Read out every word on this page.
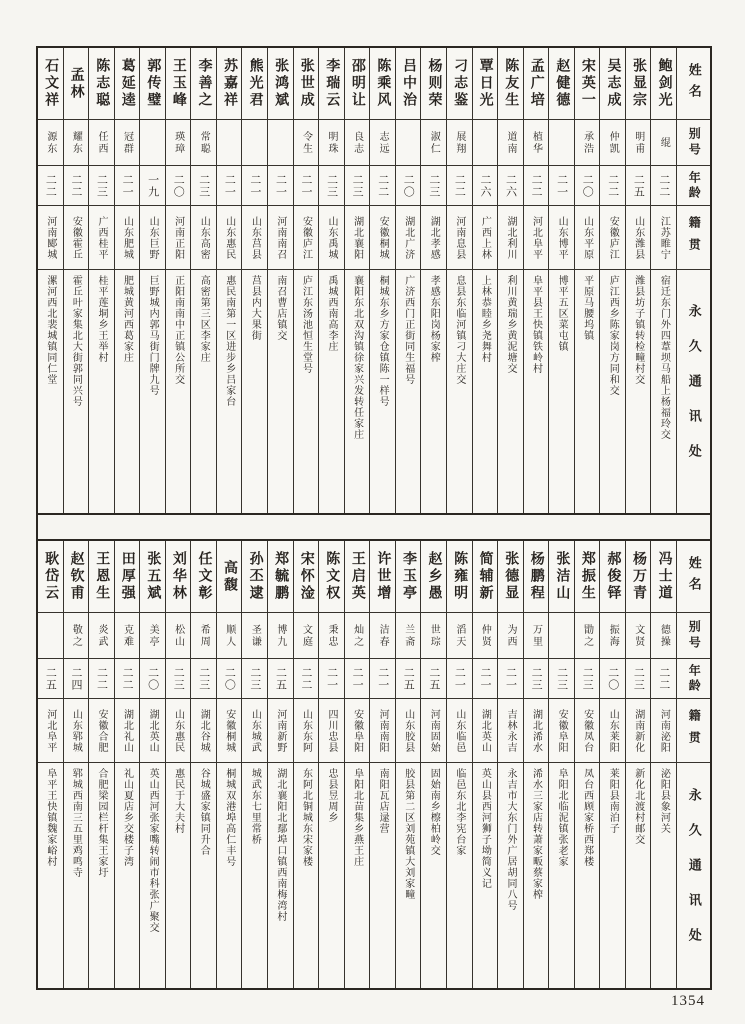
姓名
别号
年龄
籍贯
永久通讯处
鲍剑光
绲
二二
江苏睢宁
宿迁东门外四葦坝马船上杨福玲交
张显宗
明甫
二五
山东潍县
潍县坊子镇转检疃村交
吴志成
仲凯
二二
安徽庐江
庐江西乡陈家岗方同和交
宋英一
承浩
二〇
山东平原
平原马腰坞镇
赵健德
二一
山东博平
博平五区菜屯镇
孟广培
植华
二二
河北阜平
阜平县王快镇铁岭村
陈友生
道南
二六
湖北利川
利川黄瑞乡黄泥塘交
覃日光
二六
广西上林
上林恭睦乡尧舞村
刁志鉴
展翔
二二
河南息县
息县东临河镇刁大庄交
杨则荣
淑仁
二三
湖北孝感
孝感东阳岗杨家榨
吕中治
二〇
湖北广济
广济西门正街同生福号
陈乘风
志远
二二
安徽桐城
桐城东乡方家仓镇陈一样号
邵明让
良志
二三
湖北襄阳
襄阳东北双沟镇徐家兴发转任家庄
李瑞云
明珠
二三
山东禹城
禹城西南高李庄
张世成
令生
二一
安徽庐江
庐江东汤池恒生堂号
张鸿斌
二一
河南南召
南召曹店镇交
熊光君
二一
山东莒县
莒县内大果街
苏嘉祥
二一
山东惠民
惠民南第一区进步乡吕家台
李善之
常聪
二三
山东高密
高密第三区李家庄
王玉峰
瑛璋
二〇
河南正阳
正阳南南中正镇公所交
郭传璧
一九
山东巨野
巨野城内郭马街门牌九号
葛延逵
冠群
二一
山东肥城
肥城黄河西葛家庄
陈志聪
任西
二三
广西桂平
桂平莲垌乡王举村
孟林
耀东
二二
安徽霍丘
霍丘叶家集北大街郭同兴号
石文祥
源东
二二
河南郾城
漯河西北裴城镇同仁堂
姓名
别号
年龄
籍贯
永久通讯处
冯士道
德操
二二
河南泌阳
泌阳县象河关
杨万青
文贤
二三
湖南新化
新化北渡村邮交
郝俊铎
振海
二〇
山东莱阳
莱阳县南泊子
郑振生
勖之
二三
安徽凤台
凤台西顾家桥西郑楼
张洁山
二三
安徽阜阳
阜阳北临泥镇张老家
杨鹏程
万里
二三
湖北浠水
浠水三家店转萧家畈蔡家榨
张德显
为西
二一
吉林永吉
永吉市大东门外广居胡同八号
简辅新
仲贤
二一
湖北英山
英山县西河狮子坳简义记
陈雍明
滔天
二一
山东临邑
临邑东北李宪台家
赵乡愚
世琮
二五
河南固始
固始南乡檫柏岭交
李玉亭
兰斋
二五
山东胶县
胶县第二区刘苑镇大刘家疃
许世增
洁春
二一
河南南阳
南阳瓦店逯营
王启英
灿之
二一
安徽阜阳
阜阳北苗集乡燕王庄
陈文权
秉忠
二一
四川忠县
忠县昱周乡
宋怀淦
文庭
二二
山东东阿
东阿北铜城东宋家楼
郑毓鹏
博九
二五
河南新野
湖北襄阳北鄢埠口镇西南梅湾村
孙丕逮
圣谦
二三
山东城武
城武东七里常桥
高馥
顺人
二〇
安徽桐城
桐城双港埠高仁丰号
任文彰
希周
二三
湖北谷城
谷城盛家镇同升合
刘华林
松山
二三
山东惠民
惠民于大夫村
张五斌
美亭
二〇
湖北英山
英山西河张家嘴转闹市科张广聚交
田厚强
克难
二二
湖北礼山
礼山夏店乡交楼子湾
王恩生
炎武
二二
安徽合肥
合肥梁园栏杆集王家圩
赵钦甫
敬之
二四
山东郓城
郓城西南三五里鸡鸣寺
耿岱云
二五
河北阜平
阜平王快镇魏家峪村
1354
